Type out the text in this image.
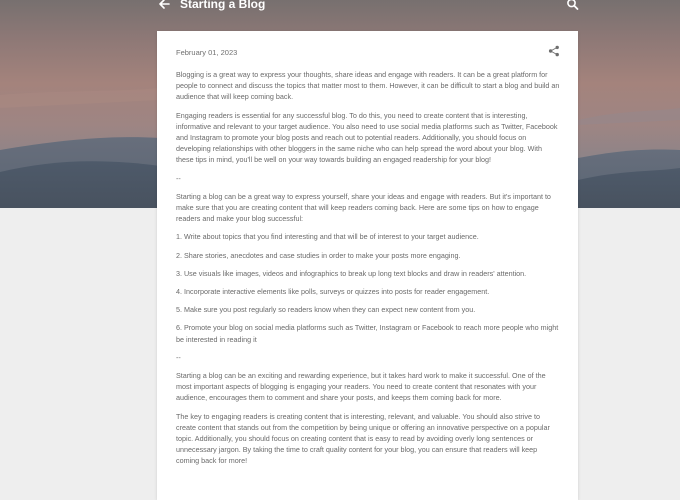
Starting a Blog
February 01, 2023

Blogging is a great way to express your thoughts, share ideas and engage with readers. It can be a great platform for people to connect and discuss the topics that matter most to them. However, it can be difficult to start a blog and build an audience that will keep coming back.

Engaging readers is essential for any successful blog. To do this, you need to create content that is interesting, informative and relevant to your target audience. You also need to use social media platforms such as Twitter, Facebook and Instagram to promote your blog posts and reach out to potential readers. Additionally, you should focus on developing relationships with other bloggers in the same niche who can help spread the word about your blog. With these tips in mind, you'll be well on your way towards building an engaged readership for your blog!

--

Starting a blog can be a great way to express yourself, share your ideas and engage with readers. But it's important to make sure that you are creating content that will keep readers coming back. Here are some tips on how to engage readers and make your blog successful:

1. Write about topics that you find interesting and that will be of interest to your target audience.

2. Share stories, anecdotes and case studies in order to make your posts more engaging.

3. Use visuals like images, videos and infographics to break up long text blocks and draw in readers' attention.

4. Incorporate interactive elements like polls, surveys or quizzes into posts for reader engagement.

5. Make sure you post regularly so readers know when they can expect new content from you.

6. Promote your blog on social media platforms such as Twitter, Instagram or Facebook to reach more people who might be interested in reading it

--

Starting a blog can be an exciting and rewarding experience, but it takes hard work to make it successful. One of the most important aspects of blogging is engaging your readers. You need to create content that resonates with your audience, encourages them to comment and share your posts, and keeps them coming back for more.

The key to engaging readers is creating content that is interesting, relevant, and valuable. You should also strive to create content that stands out from the competition by being unique or offering an innovative perspective on a popular topic. Additionally, you should focus on creating content that is easy to read by avoiding overly long sentences or unnecessary jargon. By taking the time to craft quality content for your blog, you can ensure that readers will keep coming back for more!
